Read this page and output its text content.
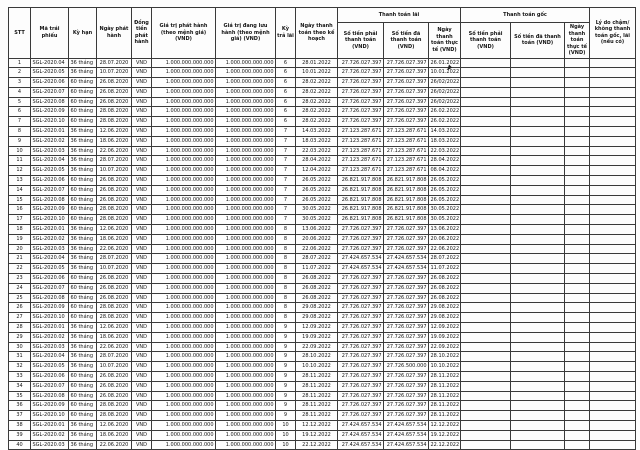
STT	Mã trái phiếu	Kỳ hạn	Ngày phát hành	Đồng tiền phát hành	Giá trị phát hành (theo mệnh giá) (VND)	Giá trị đang lưu hành (theo mệnh giá) (VND)	Kỳ trả lãi	Ngày thanh toán theo kế hoạch	Thanh toán lãi			Thanh toán gốc			Lý do chậm/ không thanh toán gốc, lãi (nếu có)
									Số tiền phải thanh toán (VND)	Số tiền đã thanh toán (VND)	Ngày thanh toán thực tế (VND)	Số tiền phải thanh toán (VND)	Số tiền đã thanh toán (VND)	Ngày thanh toán thực tế (VND)	
1	SGL-2020.04	36 tháng	28.07.2020	VND	1.000.000.000.000	1.000.000.000.000	6	28.01.2022	27.726.027.397	27.726.027.397	26.01.2022				
2	SGL-2020.05	36 tháng	10.07.2020	VND	1.000.000.000.000	1.000.000.000.000	6	10.01.2022	27.726.027.397	27.726.027.397	10.01.2022				
3	SGL-2020.06	60 tháng	26.08.2020	VND	1.000.000.000.000	1.000.000.000.000	6	28.02.2022	27.726.027.397	27.726.027.397	26/02/2022				
4	SGL-2020.07	60 tháng	26.08.2020	VND	1.000.000.000.000	1.000.000.000.000	6	28.02.2022	27.726.027.397	27.726.027.397	26/02/2022				
5	SGL-2020.08	60 tháng	26.08.2020	VND	1.000.000.000.000	1.000.000.000.000	6	28.02.2022	27.726.027.397	27.726.027.397	26/02/2022				
6	SGL-2020.09	60 tháng	28.08.2020	VND	1.000.000.000.000	1.000.000.000.000	6	28.02.2022	27.726.027.397	27.726.027.397	26.02.2022				
7	SGL-2020.10	60 tháng	28.08.2020	VND	1.000.000.000.000	1.000.000.000.000	6	28.02.2022	27.726.027.397	27.726.027.397	26.02.2022				
8	SGL-2020.01	36 tháng	12.06.2020	VND	1.000.000.000.000	1.000.000.000.000	7	14.03.2022	27.123.287.671	27.123.287.671	14.03.2022				
9	SGL-2020.02	36 tháng	18.06.2020	VND	1.000.000.000.000	1.000.000.000.000	7	18.03.2022	27.123.287.671	27.123.287.671	18.03.2022				
10	SGL-2020.03	36 tháng	22.06.2020	VND	1.000.000.000.000	1.000.000.000.000	7	22.03.2022	27.123.287.671	27.123.287.671	22.03.2022				
11	SGL-2020.04	36 tháng	28.07.2020	VND	1.000.000.000.000	1.000.000.000.000	7	28.04.2022	27.123.287.671	27.123.287.671	28.04.2022				
12	SGL-2020.05	36 tháng	10.07.2020	VND	1.000.000.000.000	1.000.000.000.000	7	12.04.2022	27.123.287.671	27.123.287.671	08.04.2022				
13	SGL-2020.06	60 tháng	26.08.2020	VND	1.000.000.000.000	1.000.000.000.000	7	26.05.2022	26.821.917.808	26.821.917.808	26.05.2022				
14	SGL-2020.07	60 tháng	26.08.2020	VND	1.000.000.000.000	1.000.000.000.000	7	26.05.2022	26.821.917.808	26.821.917.808	26.05.2022				
15	SGL-2020.08	60 tháng	26.08.2020	VND	1.000.000.000.000	1.000.000.000.000	7	26.05.2022	26.821.917.808	26.821.917.808	26.05.2022				
16	SGL-2020.09	60 tháng	28.08.2020	VND	1.000.000.000.000	1.000.000.000.000	7	30.05.2022	26.821.917.808	26.821.917.808	30.05.2022				
17	SGL-2020.10	60 tháng	28.08.2020	VND	1.000.000.000.000	1.000.000.000.000	7	30.05.2022	26.821.917.808	26.821.917.808	30.05.2022				
18	SGL-2020.01	36 tháng	12.06.2020	VND	1.000.000.000.000	1.000.000.000.000	8	13.06.2022	27.726.027.397	27.726.027.397	13.06.2022				
19	SGL-2020.02	36 tháng	18.06.2020	VND	1.000.000.000.000	1.000.000.000.000	8	20.06.2022	27.726.027.397	27.726.027.397	20.06.2022				
20	SGL-2020.03	36 tháng	22.06.2020	VND	1.000.000.000.000	1.000.000.000.000	8	22.06.2022	27.726.027.397	27.726.027.397	22.06.2022				
21	SGL-2020.04	36 tháng	28.07.2020	VND	1.000.000.000.000	1.000.000.000.000	8	28.07.2022	27.424.657.534	27.424.657.534	28.07.2022				
22	SGL-2020.05	36 tháng	10.07.2020	VND	1.000.000.000.000	1.000.000.000.000	8	11.07.2022	27.424.657.534	27.424.657.534	11.07.2022				
23	SGL-2020.06	60 tháng	26.08.2020	VND	1.000.000.000.000	1.000.000.000.000	8	26.08.2022	27.726.027.397	27.726.027.397	26.08.2022				
24	SGL-2020.07	60 tháng	26.08.2020	VND	1.000.000.000.000	1.000.000.000.000	8	26.08.2022	27.726.027.397	27.726.027.397	26.08.2022				
25	SGL-2020.08	60 tháng	26.08.2020	VND	1.000.000.000.000	1.000.000.000.000	8	26.08.2022	27.726.027.397	27.726.027.397	26.08.2022				
26	SGL-2020.09	60 tháng	28.08.2020	VND	1.000.000.000.000	1.000.000.000.000	8	29.08.2022	27.726.027.397	27.726.027.397	29.08.2022				
27	SGL-2020.10	60 tháng	28.08.2020	VND	1.000.000.000.000	1.000.000.000.000	8	29.08.2022	27.726.027.397	27.726.027.397	29.08.2022				
28	SGL-2020.01	36 tháng	12.06.2020	VND	1.000.000.000.000	1.000.000.000.000	9	12.09.2022	27.726.027.397	27.726.027.397	12.09.2022				
29	SGL-2020.02	36 tháng	18.06.2020	VND	1.000.000.000.000	1.000.000.000.000	9	19.09.2022	27.726.027.397	27.726.027.397	19.09.2022				
30	SGL-2020.03	36 tháng	22.06.2020	VND	1.000.000.000.000	1.000.000.000.000	9	22.09.2022	27.726.027.397	27.726.027.397	22.09.2022				
31	SGL-2020.04	36 tháng	28.07.2020	VND	1.000.000.000.000	1.000.000.000.000	9	28.10.2022	27.726.027.397	27.726.027.397	28.10.2022				
32	SGL-2020.05	36 tháng	10.07.2020	VND	1.000.000.000.000	1.000.000.000.000	9	10.10.2022	27.726.027.397	27.726.500.000	10.10.2022				
33	SGL-2020.06	60 tháng	26.08.2020	VND	1.000.000.000.000	1.000.000.000.000	9	28.11.2022	27.726.027.397	27.726.027.397	28.11.2022				
34	SGL-2020.07	60 tháng	26.08.2020	VND	1.000.000.000.000	1.000.000.000.000	9	28.11.2022	27.726.027.397	27.726.027.397	28.11.2022				
35	SGL-2020.08	60 tháng	26.08.2020	VND	1.000.000.000.000	1.000.000.000.000	9	28.11.2022	27.726.027.397	27.726.027.397	28.11.2022				
36	SGL-2020.09	60 tháng	28.08.2020	VND	1.000.000.000.000	1.000.000.000.000	9	28.11.2022	27.726.027.397	27.726.027.397	28.11.2022				
37	SGL-2020.10	60 tháng	28.08.2020	VND	1.000.000.000.000	1.000.000.000.000	9	28.11.2022	27.726.027.397	27.726.027.397	28.11.2022				
38	SGL-2020.01	36 tháng	12.06.2020	VND	1.000.000.000.000	1.000.000.000.000	10	12.12.2022	27.424.657.534	27.424.657.534	12.12.2022				
39	SGL-2020.02	36 tháng	18.06.2020	VND	1.000.000.000.000	1.000.000.000.000	10	19.12.2022	27.424.657.534	27.424.657.534	19.12.2022				
40	SGL-2020.03	36 tháng	22.06.2020	VND	1.000.000.000.000	1.000.000.000.000	10	22.12.2022	27.424.657.534	27.424.657.534	22.12.2022				
